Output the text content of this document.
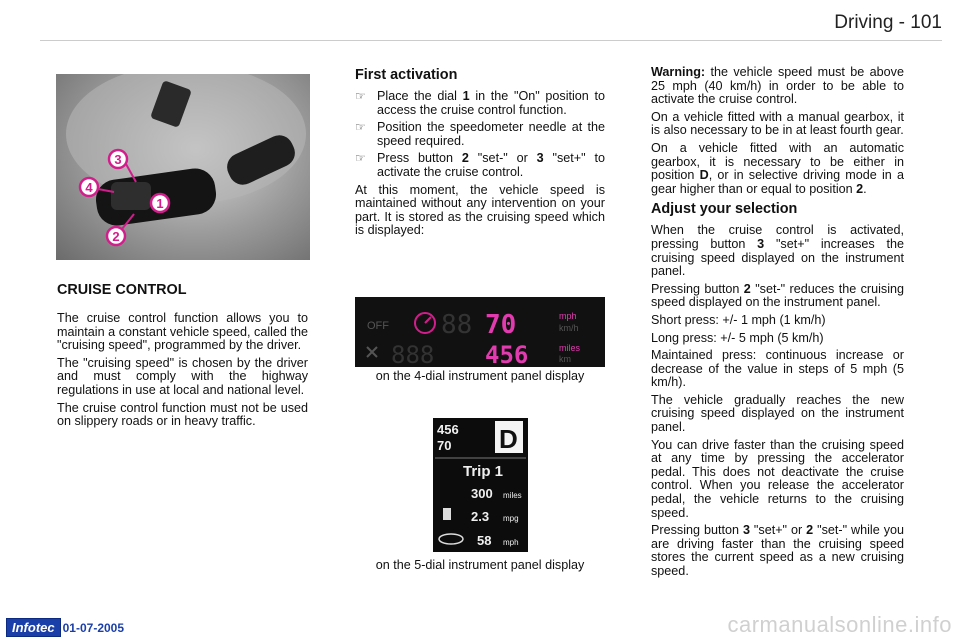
Driving - 101
3
4
1
2
CRUISE CONTROL

The cruise control function allows you to maintain a constant vehicle speed, called the "cruising speed", programmed by the driver.

The "cruising speed" is chosen by the driver and must comply with the highway regulations in use at local and national level.

The cruise control function must not be used on slippery roads or in heavy traffic.

First activation
☞ Place the dial 1 in the "On" position to access the cruise control function.
☞ Position the speedometer needle at the speed required.
☞ Press button 2 "set-" or 3 "set+" to activate the cruise control.

At this moment, the vehicle speed is maintained without any intervention on your part. It is stored as the cruising speed which is displayed:

OFF 88 70	mph
km/h
888 456	miles
km
on the 4-dial instrument panel display
456
70 D
Trip 1
300 miles
2.3 mpg
58 mph
on the 5-dial instrument panel display

Warning: the vehicle speed must be above 25 mph (40 km/h) in order to be able to activate the cruise control.

On a vehicle fitted with a manual gearbox, it is also necessary to be in at least fourth gear.

On a vehicle fitted with an automatic gearbox, it is necessary to be either in position D, or in selective driving mode in a gear higher than or equal to position 2.

Adjust your selection

When the cruise control is activated, pressing button 3 "set+" increases the cruising speed displayed on the instrument panel.

Pressing button 2 "set-" reduces the cruising speed displayed on the instrument panel.

Short press: +/- 1 mph (1 km/h)

Long press: +/- 5 mph (5 km/h)

Maintained press: continuous increase or decrease of the value in steps of 5 mph (5 km/h).

The vehicle gradually reaches the new cruising speed displayed on the instrument panel.

You can drive faster than the cruising speed at any time by pressing the accelerator pedal. This does not deactivate the cruise control. When you release the accelerator pedal, the vehicle returns to the cruising speed.

Pressing button 3 "set+" or 2 "set-" while you are driving faster than the cruising speed stores the current speed as a new cruising speed.

Infotec 01-07-2005	carmanualsonline.info
